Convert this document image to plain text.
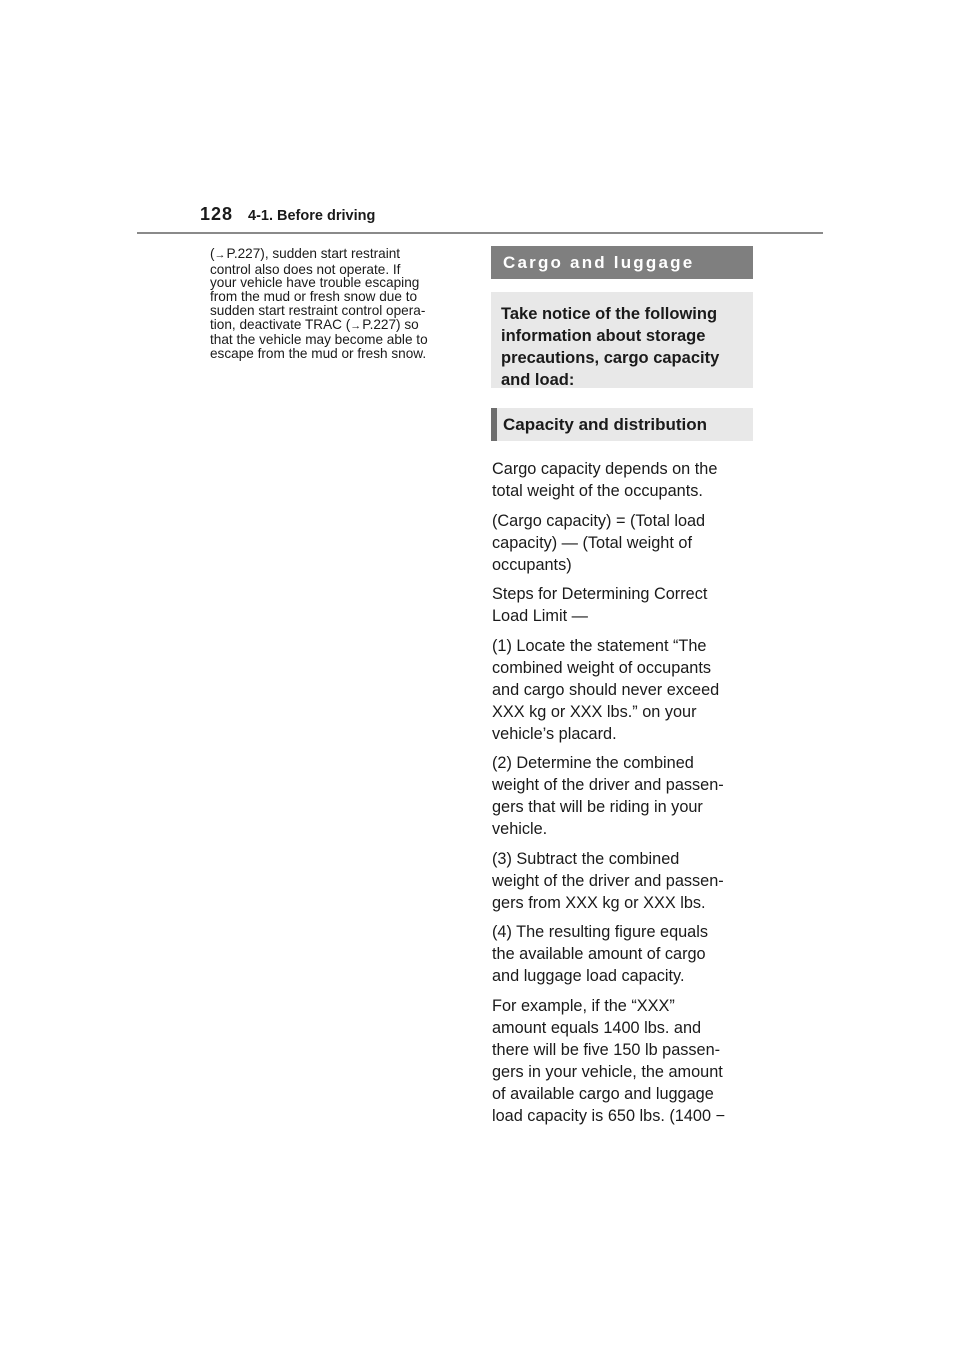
128 4-1. Before driving
(→P.227), sudden start restraint
control also does not operate. If
your vehicle have trouble escaping
from the mud or fresh snow due to
sudden start restraint control opera-
tion, deactivate TRAC (→P.227) so
that the vehicle may become able to
escape from the mud or fresh snow.
Cargo and luggage
Take notice of the following
information about storage
precautions, cargo capacity
and load:
Capacity and distribution
Cargo capacity depends on the
total weight of the occupants.
(Cargo capacity) = (Total load
capacity) — (Total weight of
occupants)
Steps for Determining Correct
Load Limit —
(1) Locate the statement “The
combined weight of occupants
and cargo should never exceed
XXX kg or XXX lbs.” on your
vehicle’s placard.
(2) Determine the combined
weight of the driver and passen-
gers that will be riding in your
vehicle.
(3) Subtract the combined
weight of the driver and passen-
gers from XXX kg or XXX lbs.
(4) The resulting figure equals
the available amount of cargo
and luggage load capacity.
For example, if the “XXX”
amount equals 1400 lbs. and
there will be five 150 lb passen-
gers in your vehicle, the amount
of available cargo and luggage
load capacity is 650 lbs. (1400 −
